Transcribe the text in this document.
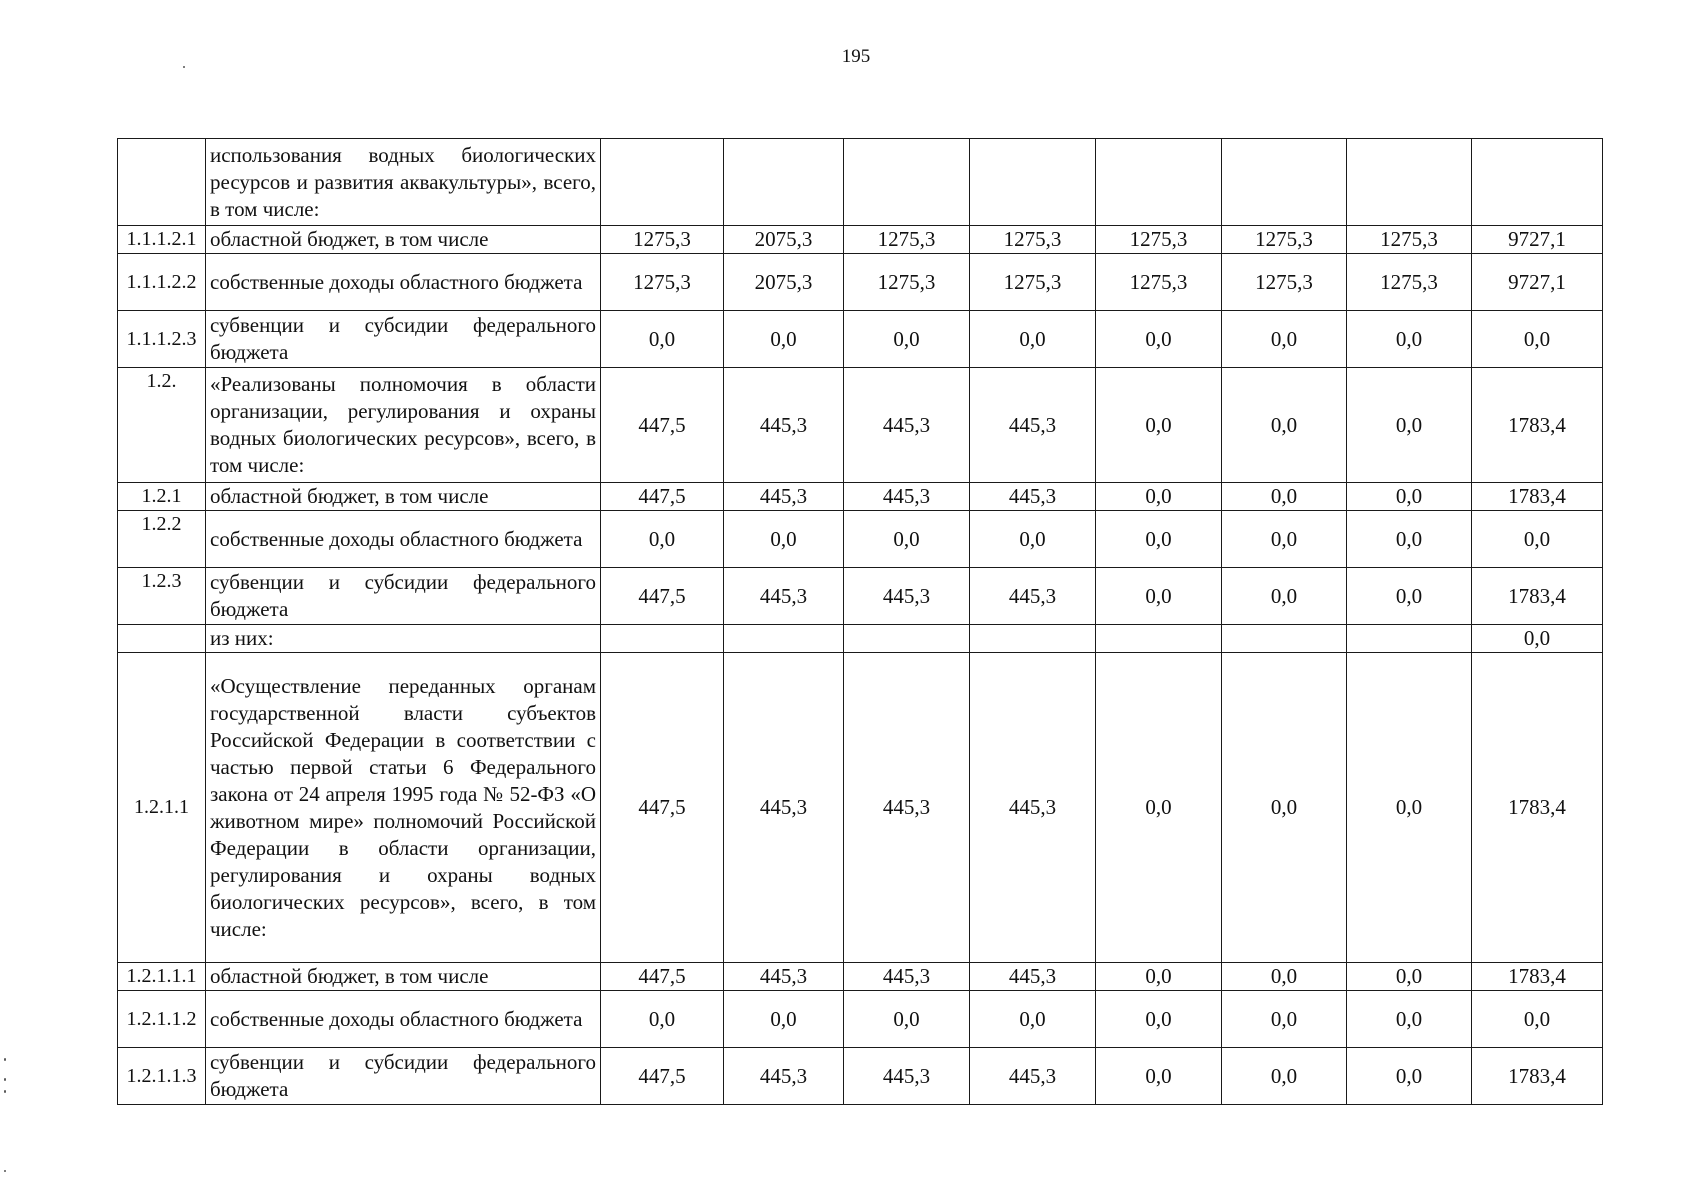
195
	использования водных биологических ресурсов и развития аквакультуры», всего, в том числе:								
1.1.1.2.1	областной бюджет, в том числе	1275,3	2075,3	1275,3	1275,3	1275,3	1275,3	1275,3	9727,1
1.1.1.2.2	собственные доходы областного бюджета	1275,3	2075,3	1275,3	1275,3	1275,3	1275,3	1275,3	9727,1
1.1.1.2.3	субвенции и субсидии федерального бюджета	0,0	0,0	0,0	0,0	0,0	0,0	0,0	0,0
1.2.	«Реализованы полномочия в области организации, регулирования и охраны водных биологических ресурсов», всего, в том числе:	447,5	445,3	445,3	445,3	0,0	0,0	0,0	1783,4
1.2.1	областной бюджет, в том числе	447,5	445,3	445,3	445,3	0,0	0,0	0,0	1783,4
1.2.2	собственные доходы областного бюджета	0,0	0,0	0,0	0,0	0,0	0,0	0,0	0,0
1.2.3	субвенции и субсидии федерального бюджета	447,5	445,3	445,3	445,3	0,0	0,0	0,0	1783,4
	из них:								0,0
1.2.1.1	«Осуществление переданных органам государственной власти субъектов Российской Федерации в соответствии с частью первой статьи 6 Федерального закона от 24 апреля 1995 года № 52-ФЗ «О животном мире» полномочий Российской Федерации в области организации, регулирования и охраны водных биологических ресурсов», всего, в том числе:	447,5	445,3	445,3	445,3	0,0	0,0	0,0	1783,4
1.2.1.1.1	областной бюджет, в том числе	447,5	445,3	445,3	445,3	0,0	0,0	0,0	1783,4
1.2.1.1.2	собственные доходы областного бюджета	0,0	0,0	0,0	0,0	0,0	0,0	0,0	0,0
1.2.1.1.3	субвенции и субсидии федерального бюджета	447,5	445,3	445,3	445,3	0,0	0,0	0,0	1783,4
